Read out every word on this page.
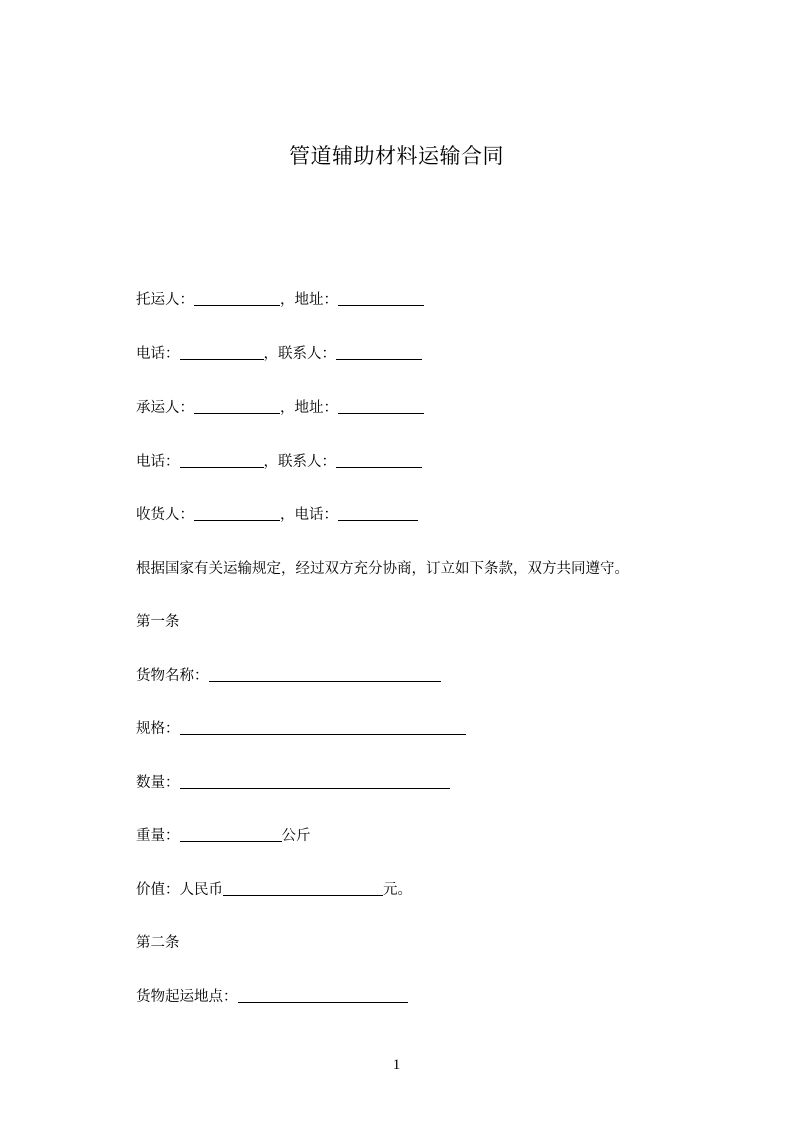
管道辅助材料运输合同
托运人：	，地址：
电话：	，联系人：
承运人：	，地址：
电话：	，联系人：
收货人：	，电话：
根据国家有关运输规定，经过双方充分协商，订立如下条款，双方共同遵守。
第一条
货物名称：
规格：
数量：
重量：	公斤
价值：人民币	元。
第二条
货物起运地点：
1
